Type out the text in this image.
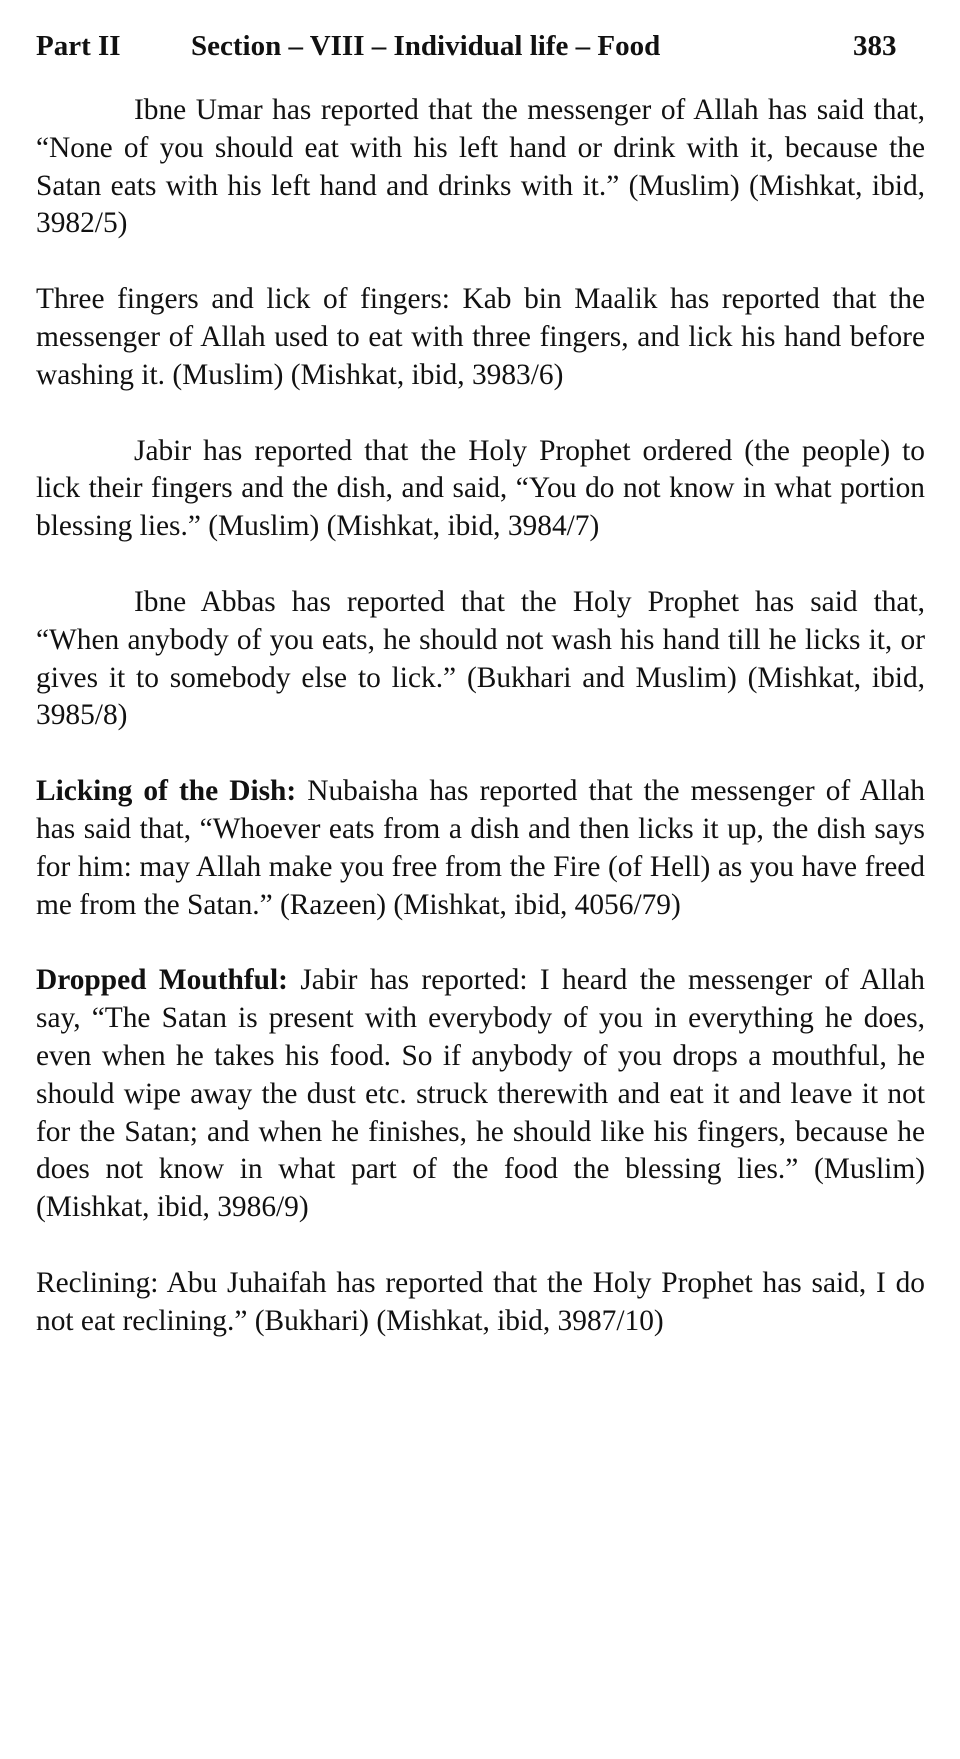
Part II	Section – VIII – Individual life – Food	383

Ibne Umar has reported that the messenger of Allah has said that, “None of you should eat with his left hand or drink with it, because the Satan eats with his left hand and drinks with it.” (Muslim) (Mishkat, ibid, 3982/5)

Three fingers and lick of fingers: Kab bin Maalik has reported that the messenger of Allah used to eat with three fingers, and lick his hand before washing it. (Muslim) (Mishkat, ibid, 3983/6)

Jabir has reported that the Holy Prophet ordered (the people) to lick their fingers and the dish, and said, “You do not know in what portion blessing lies.” (Muslim) (Mishkat, ibid, 3984/7)

Ibne Abbas has reported that the Holy Prophet has said that, “When anybody of you eats, he should not wash his hand till he licks it, or gives it to somebody else to lick.” (Bukhari and Muslim) (Mishkat, ibid, 3985/8)

Licking of the Dish: Nubaisha has reported that the messenger of Allah has said that, “Whoever eats from a dish and then licks it up, the dish says for him: may Allah make you free from the Fire (of Hell) as you have freed me from the Satan.” (Razeen) (Mishkat, ibid, 4056/79)

Dropped Mouthful: Jabir has reported: I heard the messenger of Allah say, “The Satan is present with everybody of you in everything he does, even when he takes his food. So if anybody of you drops a mouthful, he should wipe away the dust etc. struck therewith and eat it and leave it not for the Satan; and when he finishes, he should like his fingers, because he does not know in what part of the food the blessing lies.” (Muslim) (Mishkat, ibid, 3986/9)

Reclining: Abu Juhaifah has reported that the Holy Prophet has said, I do not eat reclining.” (Bukhari) (Mishkat, ibid, 3987/10)
